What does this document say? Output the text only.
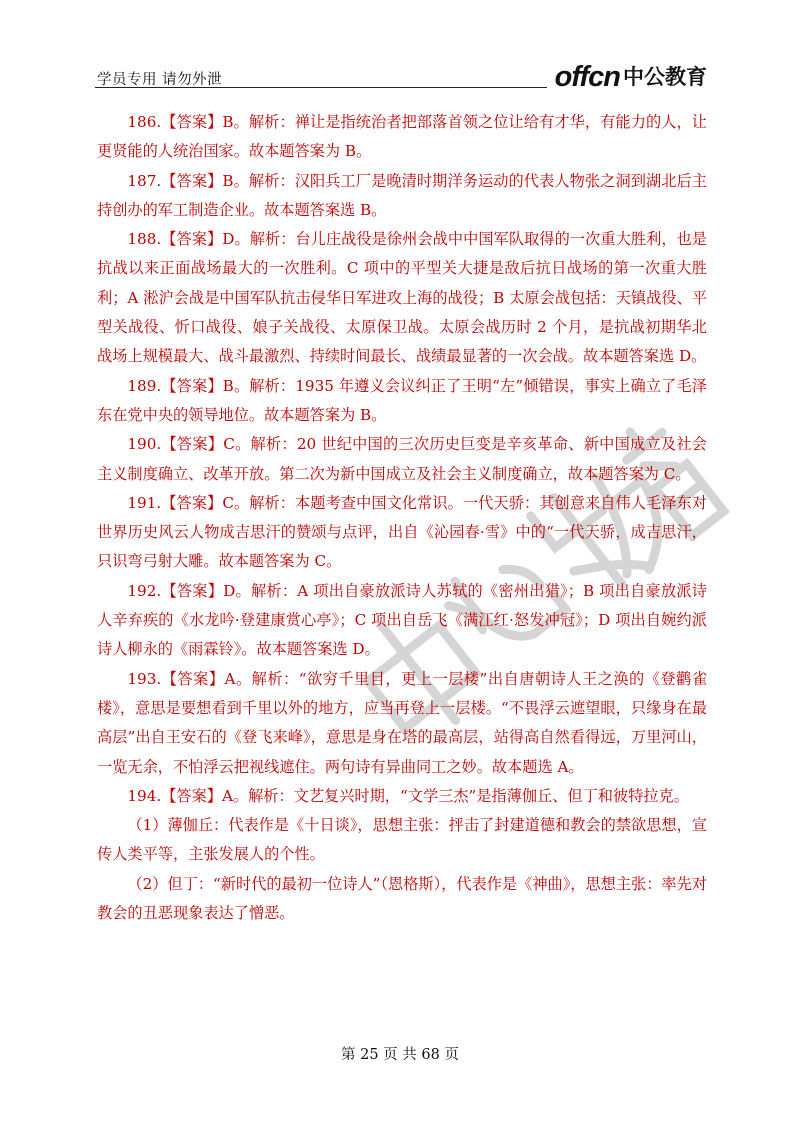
学员专用 请勿外泄	offcn 中公教育

186.【答案】B。解析：禅让是指统治者把部落首领之位让给有才华，有能力的人，让更贤能的人统治国家。故本题答案为 B。

187.【答案】B。解析：汉阳兵工厂是晚清时期洋务运动的代表人物张之洞到湖北后主持创办的军工制造企业。故本题答案选 B。

188.【答案】D。解析：台儿庄战役是徐州会战中中国军队取得的一次重大胜利，也是抗战以来正面战场最大的一次胜利。C 项中的平型关大捷是敌后抗日战场的第一次重大胜利；A 淞沪会战是中国军队抗击侵华日军进攻上海的战役；B 太原会战包括：天镇战役、平型关战役、忻口战役、娘子关战役、太原保卫战。太原会战历时 2 个月，是抗战初期华北战场上规模最大、战斗最激烈、持续时间最长、战绩最显著的一次会战。故本题答案选 D。

189.【答案】B。解析：1935 年遵义会议纠正了王明“左”倾错误，事实上确立了毛泽东在党中央的领导地位。故本题答案为 B。

190.【答案】C。解析：20 世纪中国的三次历史巨变是辛亥革命、新中国成立及社会主义制度确立、改革开放。第二次为新中国成立及社会主义制度确立，故本题答案为 C。

191.【答案】C。解析：本题考查中国文化常识。一代天骄：其创意来自伟人毛泽东对世界历史风云人物成吉思汗的赞颂与点评，出自《沁园春·雪》中的“一代天骄，成吉思汗，只识弯弓射大雕。故本题答案为 C。

192.【答案】D。解析：A 项出自豪放派诗人苏轼的《密州出猎》；B 项出自豪放派诗人辛弃疾的《水龙吟·登建康赏心亭》；C 项出自岳飞《满江红·怒发冲冠》；D 项出自婉约派诗人柳永的《雨霖铃》。故本题答案选 D。

193.【答案】A。解析：“欲穷千里目，更上一层楼”出自唐朝诗人王之涣的《登鹳雀楼》，意思是要想看到千里以外的地方，应当再登上一层楼。“不畏浮云遮望眼，只缘身在最高层”出自王安石的《登飞来峰》，意思是身在塔的最高层，站得高自然看得远，万里河山，一览无余，不怕浮云把视线遮住。两句诗有异曲同工之妙。故本题选 A。

194.【答案】A。解析：文艺复兴时期，“文学三杰”是指薄伽丘、但丁和彼特拉克。

（1）薄伽丘：代表作是《十日谈》，思想主张：抨击了封建道德和教会的禁欲思想，宣传人类平等，主张发展人的个性。

（2）但丁：“新时代的最初一位诗人”（恩格斯），代表作是《神曲》，思想主张：率先对教会的丑恶现象表达了憎恶。

第 25 页 共 68 页
